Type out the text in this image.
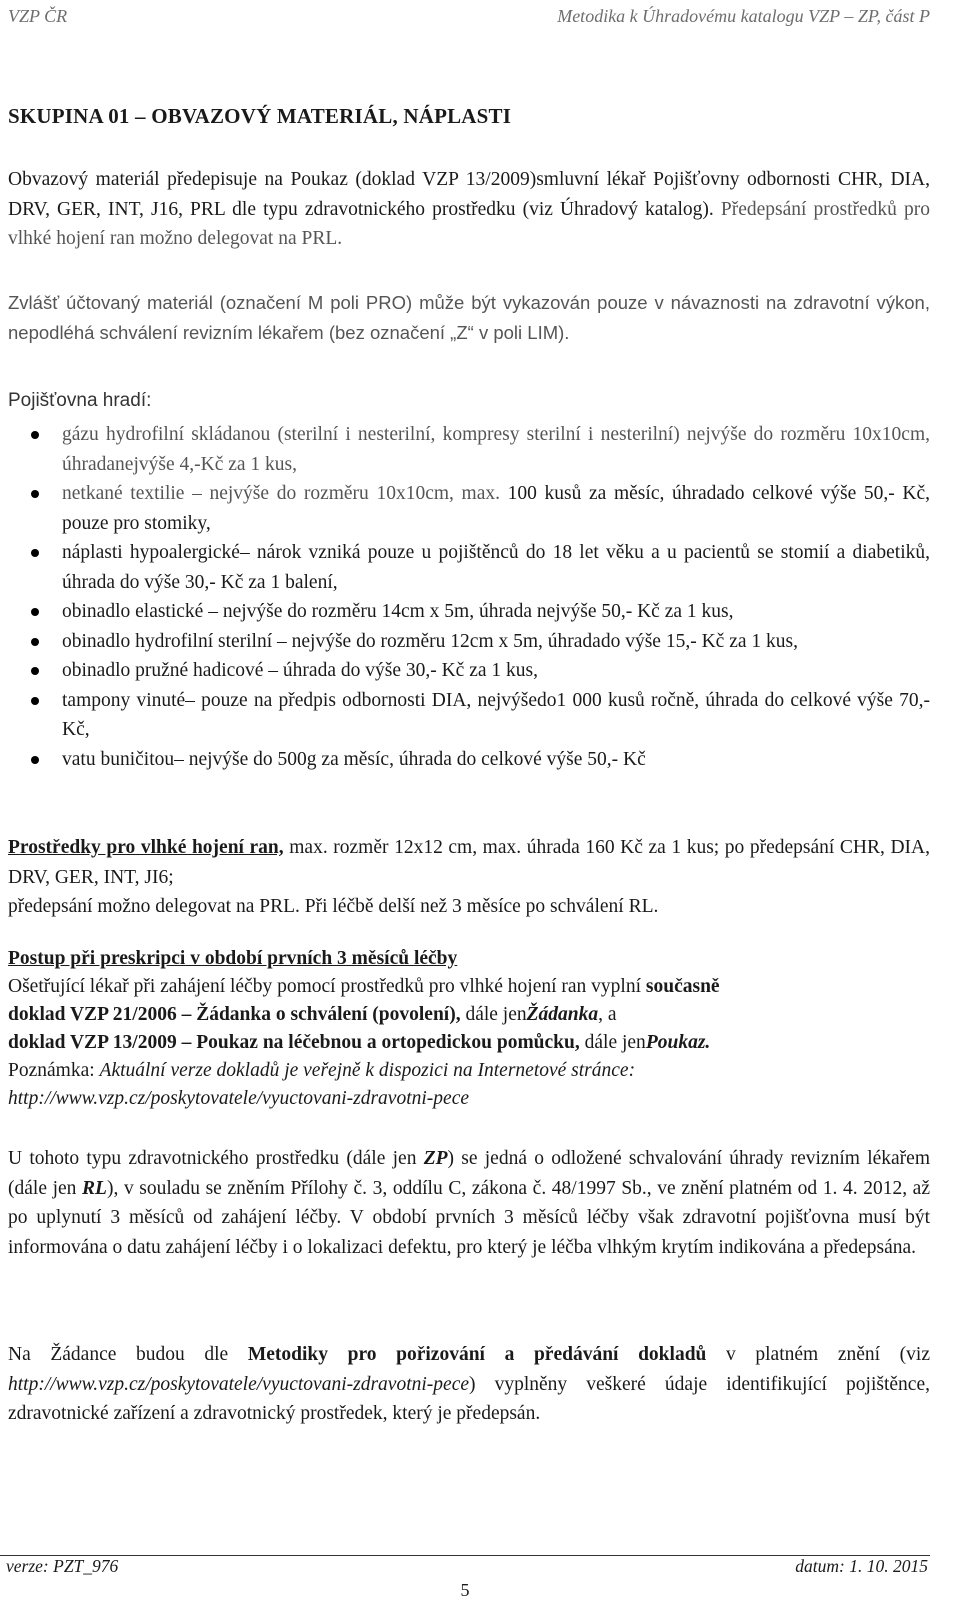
VZP ČR	Metodika k Úhradovému katalogu VZP – ZP, část P
SKUPINA 01 – OBVAZOVÝ MATERIÁL, NÁPLASTI

Obvazový materiál předepisuje na Poukaz (doklad VZP 13/2009)smluvní lékař Pojišťovny odbornosti CHR, DIA, DRV, GER, INT, J16, PRL dle typu zdravotnického prostředku (viz Úhradový katalog). Předepsání prostředků pro vlhké hojení ran možno delegovat na PRL.

Zvlášť účtovaný materiál (označení M poli PRO) může být vykazován pouze v návaznosti na zdravotní výkon, nepodléhá schválení revizním lékařem (bez označení „Z“ v poli LIM).

Pojišťovna hradí:
gázu hydrofilní skládanou (sterilní i nesterilní, kompresy sterilní i nesterilní) nejvýše do rozměru 10x10cm, úhradanejvýše 4,-Kč za 1 kus,
netkané textilie – nejvýše do rozměru 10x10cm, max. 100 kusů za měsíc, úhradado celkové výše 50,- Kč, pouze pro stomiky,
náplasti hypoalergické– nárok vzniká pouze u pojištěnců do 18 let věku a u pacientů se stomií a diabetiků, úhrada do výše 30,- Kč za 1 balení,
obinadlo elastické – nejvýše do rozměru 14cm x 5m, úhrada nejvýše 50,- Kč za 1 kus,
obinadlo hydrofilní sterilní – nejvýše do rozměru 12cm x 5m, úhradado výše 15,- Kč za 1 kus,
obinadlo pružné hadicové – úhrada do výše 30,- Kč za 1 kus,
tampony vinuté– pouze na předpis odbornosti DIA, nejvýšedo1 000 kusů ročně, úhrada do celkové výše 70,- Kč,
vatu buničitou– nejvýše do 500g za měsíc, úhrada do celkové výše 50,- Kč

Prostředky pro vlhké hojení ran, max. rozměr 12x12 cm, max. úhrada 160 Kč za 1 kus; po předepsání CHR, DIA, DRV, GER, INT, JI6;
předepsání možno delegovat na PRL. Při léčbě delší než 3 měsíce po schválení RL.

Postup při preskripci v období prvních 3 měsíců léčby
Ošetřující lékař při zahájení léčby pomocí prostředků pro vlhké hojení ran vyplní současně
doklad VZP 21/2006 – Žádanka o schválení (povolení), dále jenŽádanka, a
doklad VZP 13/2009 – Poukaz na léčebnou a ortopedickou pomůcku, dále jenPoukaz.
Poznámka: Aktuální verze dokladů je veřejně k dispozici na Internetové stránce:
http://www.vzp.cz/poskytovatele/vyuctovani-zdravotni-pece

U tohoto typu zdravotnického prostředku (dále jen ZP) se jedná o odložené schvalování úhrady revizním lékařem (dále jen RL), v souladu se zněním Přílohy č. 3, oddílu C, zákona č. 48/1997 Sb., ve znění platném od 1. 4. 2012, až po uplynutí 3 měsíců od zahájení léčby. V období prvních 3 měsíců léčby však zdravotní pojišťovna musí být informována o datu zahájení léčby i o lokalizaci defektu, pro který je léčba vlhkým krytím indikována a předepsána.

Na Žádance budou dle Metodiky pro pořizování a předávání dokladů v platném znění (viz http://www.vzp.cz/poskytovatele/vyuctovani-zdravotni-pece) vyplněny veškeré údaje identifikující pojištěnce, zdravotnické zařízení a zdravotnický prostředek, který je předepsán.

verze: PZT_976	datum: 1. 10. 2015
5
